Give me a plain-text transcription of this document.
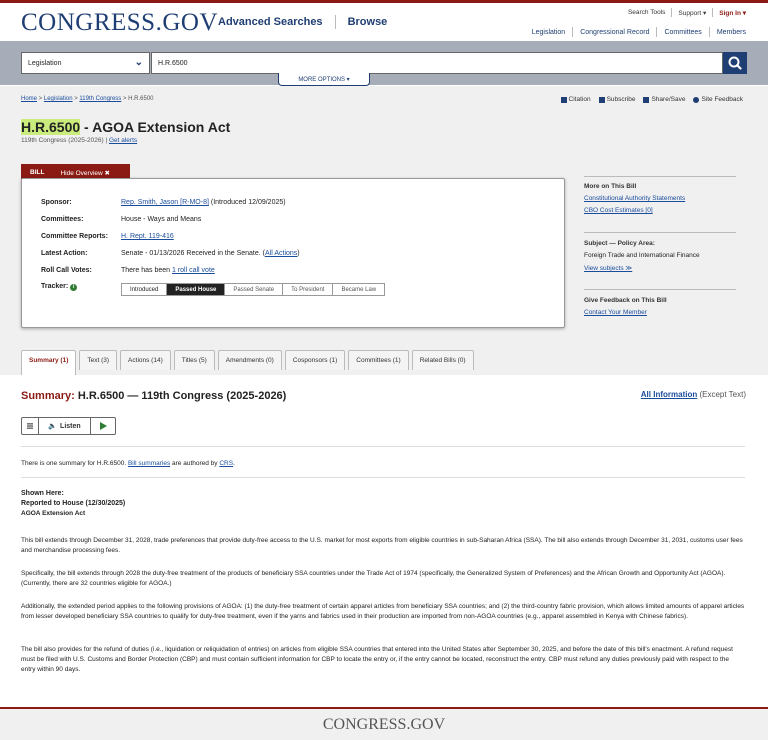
CONGRESS.GOV Advanced Searches Browse
Search Tools Support ▾ Sign In ▾
Legislation Congressional Record Committees Members
Legislation	⌄	H.R.6500
MORE OPTIONS ▾
Home > Legislation > 119th Congress > H.R.6500	Citation Subscribe Share/Save Site Feedback
H.R.6500 - AGOA Extension Act
119th Congress (2025-2026) | Get alerts
BILL Hide Overview ✖
Sponsor:	Rep. Smith, Jason [R-MO-8] (Introduced 12/09/2025)
Committees:	House - Ways and Means
Committee Reports:	H. Rept. 119-416
Latest Action:	Senate - 01/13/2026 Received in the Senate. (All Actions)
Roll Call Votes:	There has been 1 roll call vote
Tracker: i	Introduced	Passed House	Passed Senate	To President	Became Law
More on This Bill
Constitutional Authority Statements
CBO Cost Estimates [0]
Subject — Policy Area:
Foreign Trade and International Finance
View subjects ≫
Give Feedback on This Bill
Contact Your Member
Summary (1)	Text (3)	Actions (14)	Titles (5)	Amendments (0)	Cosponsors (1)	Committees (1)	Related Bills (0)
Summary: H.R.6500 — 119th Congress (2025-2026)	All Information (Except Text)
🔈 Listen
There is one summary for H.R.6500. Bill summaries are authored by CRS.
Shown Here:
Reported to House (12/30/2025)
AGOA Extension Act
This bill extends through December 31, 2028, trade preferences that provide duty-free access to the U.S. market for most exports from eligible countries in sub-Saharan Africa (SSA). The bill also extends through December 31, 2031, customs user fees and merchandise processing fees.
Specifically, the bill extends through 2028 the duty-free treatment of the products of beneficiary SSA countries under the Trade Act of 1974 (specifically, the Generalized System of Preferences) and the African Growth and Opportunity Act (AGOA). (Currently, there are 32 countries eligible for AGOA.)
Additionally, the extended period applies to the following provisions of AGOA: (1) the duty-free treatment of certain apparel articles from beneficiary SSA countries; and (2) the third-country fabric provision, which allows limited amounts of apparel articles from lesser developed beneficiary SSA countries to qualify for duty-free treatment, even if the yarns and fabrics used in their production are imported from non-AGOA countries (e.g., apparel assembled in Kenya with Chinese fabrics).
The bill also provides for the refund of duties (i.e., liquidation or reliquidation of entries) on articles from eligible SSA countries that entered into the United States after September 30, 2025, and before the date of this bill's enactment. A refund request must be filed with U.S. Customs and Border Protection (CBP) and must contain sufficient information for CBP to locate the entry or, if the entry cannot be located, reconstruct the entry. CBP must refund any duties previously paid with respect to the entry within 90 days.
CONGRESS.GOV
